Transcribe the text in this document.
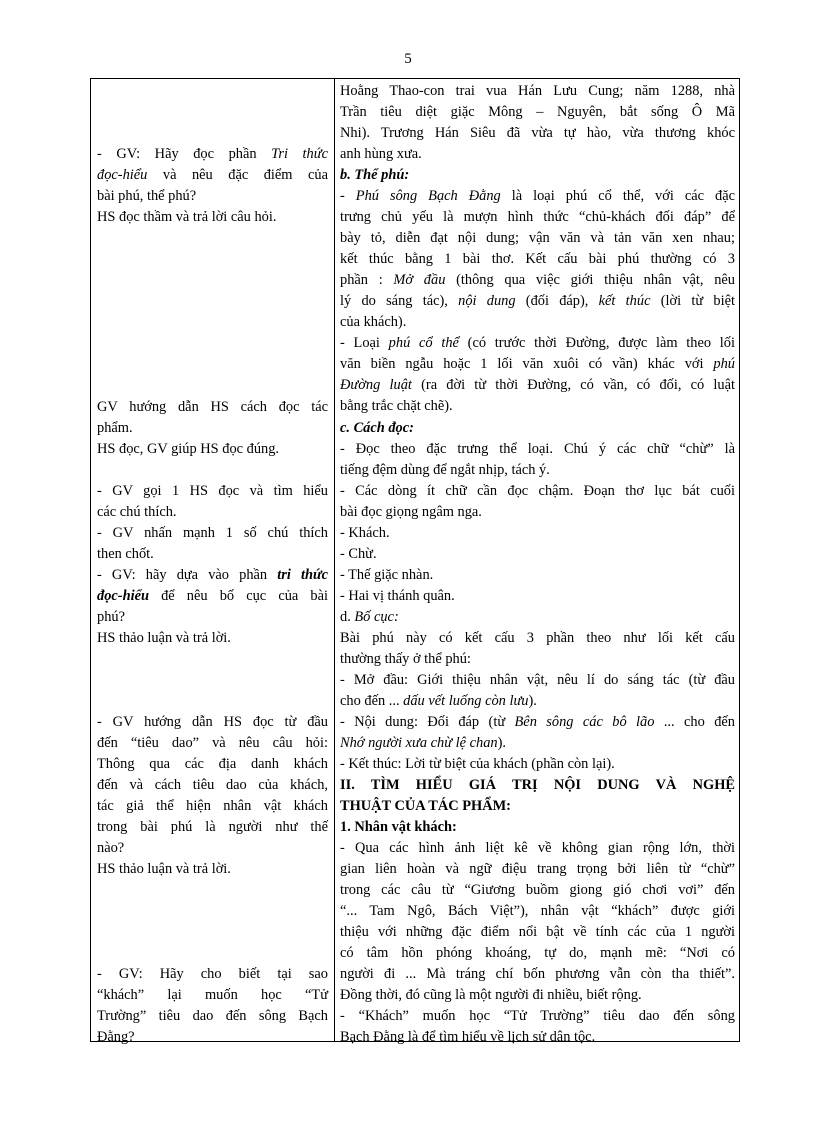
5
- GV: Hãy đọc phần Tri thức
đọc-hiểu và nêu đặc điểm của
bài phú, thể phú?
HS đọc thầm và trả lời câu hỏi.
GV hướng dẫn HS cách đọc tác
phẩm.
HS đọc, GV giúp HS đọc đúng.
- GV gọi 1 HS đọc và tìm hiểu
các chú thích.
- GV nhấn mạnh 1 số chú thích
then chốt.
- GV: hãy dựa vào phần tri thức
đọc-hiểu để nêu bố cục của bài
phú?
HS thảo luận và trả lời.
- GV hướng dẫn HS đọc từ đầu
đến “tiêu dao” và nêu câu hỏi:
Thông qua các địa danh khách
đến và cách tiêu dao của khách,
tác giả thể hiện nhân vật khách
trong bài phú là người như thế
nào?
HS thảo luận và trả lời.
- GV: Hãy cho biết tại sao
“khách” lại muốn học “Tử
Trường” tiêu dao đến sông Bạch
Đằng?
Hoằng Thao-con trai vua Hán Lưu Cung; năm 1288, nhà
Trần tiêu diệt giặc Mông – Nguyên, bắt sống Ô Mã
Nhi). Trương Hán Siêu đã vừa tự hào, vừa thương khóc
anh hùng xưa.
b. Thể phú:
- Phú sông Bạch Đằng là loại phú cổ thể, với các đặc
trưng chủ yếu là mượn hình thức “chủ-khách đối đáp” để
bày tỏ, diễn đạt nội dung; vận văn và tản văn xen nhau;
kết thúc bằng 1 bài thơ. Kết cấu bài phú thường có 3
phần : Mở đầu (thông qua việc giới thiệu nhân vật, nêu
lý do sáng tác), nội dung (đối đáp), kết thúc (lời từ biệt
của khách).
- Loại phú cổ thể (có trước thời Đường, được làm theo lối
văn biền ngẫu hoặc 1 lối văn xuôi có vần) khác với phú
Đường luật (ra đời từ thời Đường, có vần, có đối, có luật
bằng trắc chặt chẽ).
c. Cách đọc:
- Đọc theo đặc trưng thể loại. Chú ý các chữ “chừ” là
tiếng đệm dùng để ngắt nhịp, tách ý.
- Các dòng ít chữ cần đọc chậm. Đoạn thơ lục bát cuối
bài đọc giọng ngâm nga.
- Khách.
- Chừ.
- Thế giặc nhàn.
- Hai vị thánh quân.
d. Bố cục:
Bài phú này có kết cấu 3 phần theo như lối kết cấu
thường thấy ở thể phú:
- Mở đầu: Giới thiệu nhân vật, nêu lí do sáng tác (từ đầu
cho đến ... dấu vết luống còn lưu).
- Nội dung: Đối đáp (từ Bên sông các bô lão ... cho đến
Nhớ người xưa chừ lệ chan).
- Kết thúc: Lời từ biệt của khách (phần còn lại).
II. TÌM HIỂU GIÁ TRỊ NỘI DUNG VÀ NGHỆ
THUẬT CỦA TÁC PHẨM:
1. Nhân vật khách:
- Qua các hình ảnh liệt kê về không gian rộng lớn, thời
gian liên hoàn và ngữ điệu trang trọng bởi liên từ “chừ”
trong các câu từ “Giương buồm giong gió chơi vơi” đến
“... Tam Ngô, Bách Việt”), nhân vật “khách” được giới
thiệu với những đặc điểm nổi bật về tính các của 1 người
có tâm hồn phóng khoáng, tự do, mạnh mẽ: “Nơi có
người đi ... Mà tráng chí bốn phương vẫn còn tha thiết”.
Đồng thời, đó cũng là một người đi nhiều, biết rộng.
- “Khách” muốn học “Tử Trường” tiêu dao đến sông
Bạch Đằng là để tìm hiểu về lịch sử dân tộc.
